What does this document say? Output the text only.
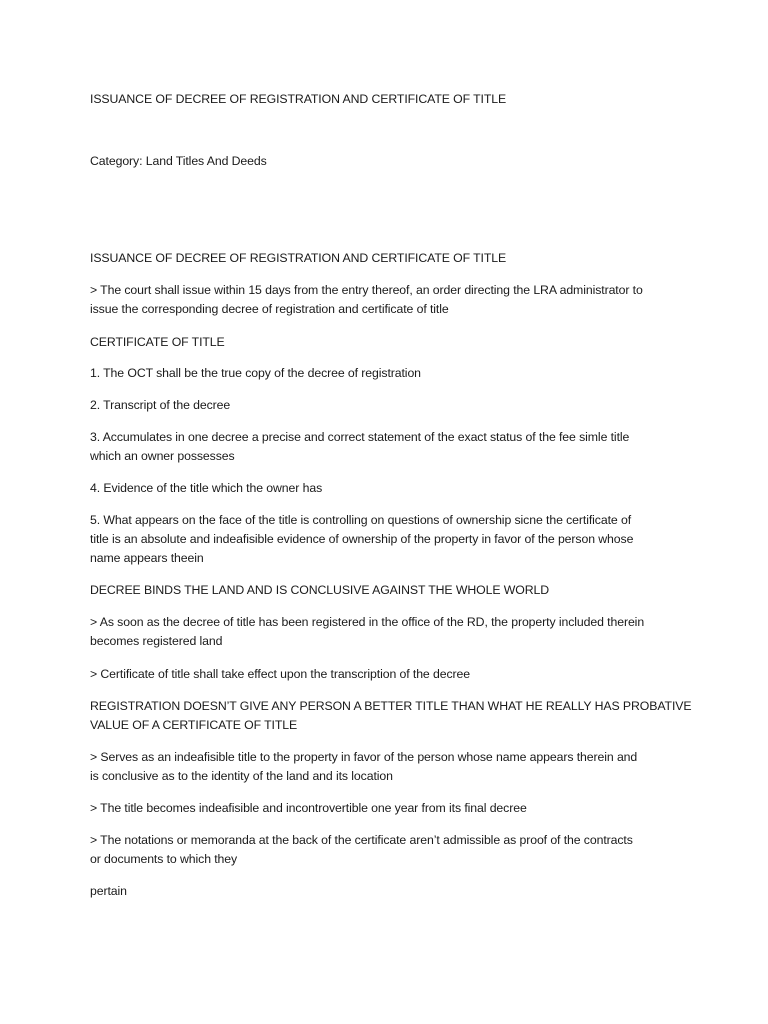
ISSUANCE OF DECREE OF REGISTRATION AND CERTIFICATE OF TITLE
Category: Land Titles And Deeds
ISSUANCE OF DECREE OF REGISTRATION AND CERTIFICATE OF TITLE
> The court shall issue within 15 days from the entry thereof, an order directing the LRA administrator to
issue the corresponding decree of registration and certificate of title
CERTIFICATE OF TITLE
1. The OCT shall be the true copy of the decree of registration
2. Transcript of the decree
3. Accumulates in one decree a precise and correct statement of the exact status of the fee simle title
which an owner possesses
4. Evidence of the title which the owner has
5. What appears on the face of the title is controlling on questions of ownership sicne the certificate of
title is an absolute and indeafisible evidence of ownership of the property in favor of the person whose
name appears theein
DECREE BINDS THE LAND AND IS CONCLUSIVE AGAINST THE WHOLE WORLD
> As soon as the decree of title has been registered in the office of the RD, the property included therein
becomes registered land
> Certificate of title shall take effect upon the transcription of the decree
REGISTRATION DOESN’T GIVE ANY PERSON A BETTER TITLE THAN WHAT HE REALLY HAS PROBATIVE
VALUE OF A CERTIFICATE OF TITLE
> Serves as an indeafisible title to the property in favor of the person whose name appears therein and
is conclusive as to the identity of the land and its location
> The title becomes indeafisible and incontrovertible one year from its final decree
> The notations or memoranda at the back of the certificate aren’t admissible as proof of the contracts
or documents to which they
pertain
